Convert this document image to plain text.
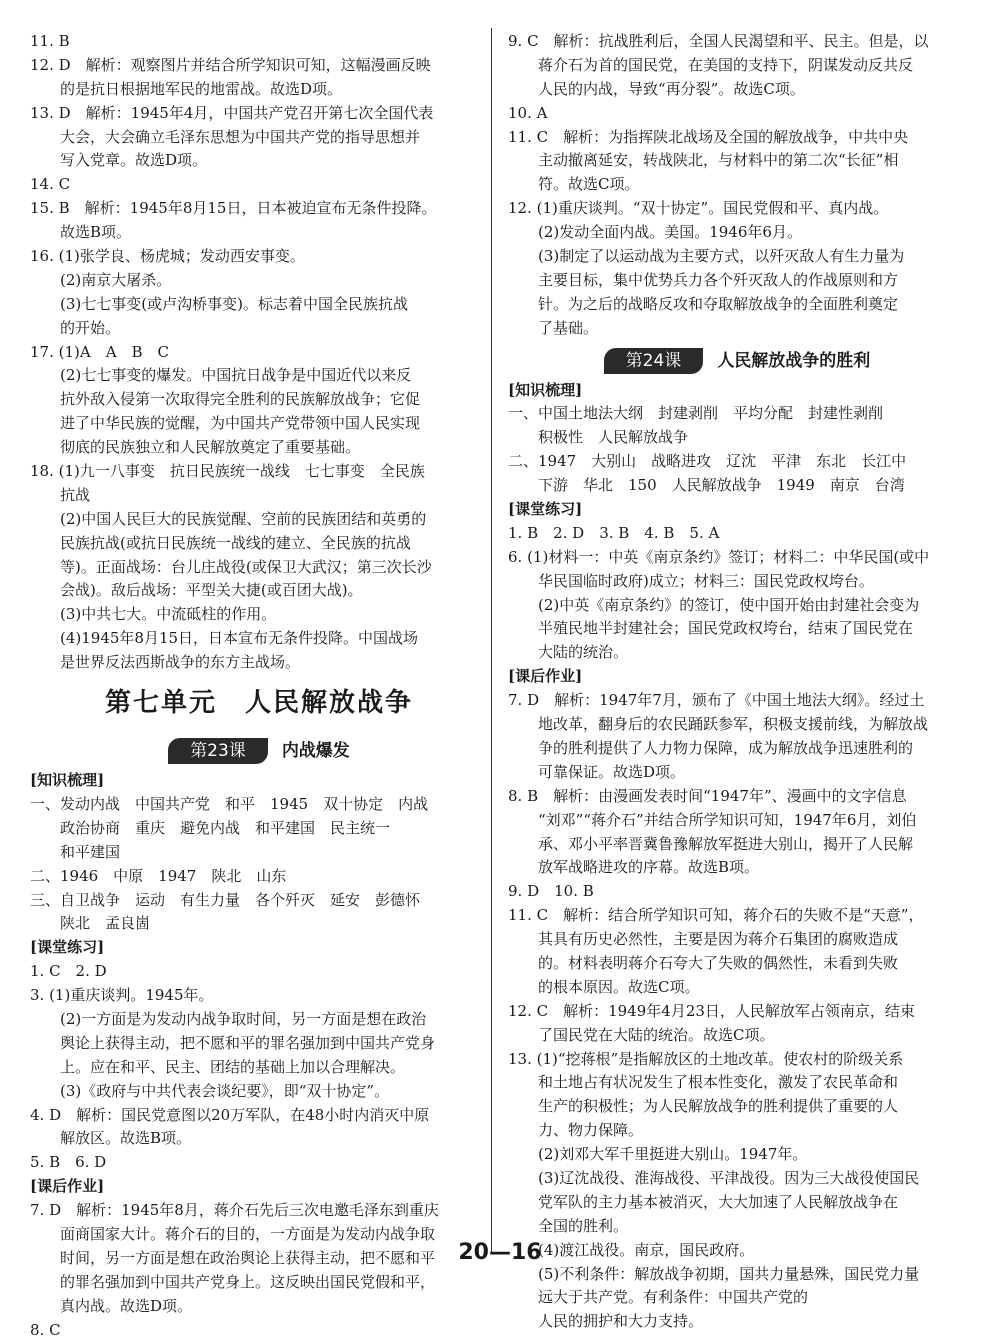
11. B
12. D　解析：观察图片并结合所学知识可知，这幅漫画反映
的是抗日根据地军民的地雷战。故选D项。
13. D　解析：1945年4月，中国共产党召开第七次全国代表
大会，大会确立毛泽东思想为中国共产党的指导思想并
写入党章。故选D项。
14. C
15. B　解析：1945年8月15日，日本被迫宣布无条件投降。
故选B项。
16. (1)张学良、杨虎城；发动西安事变。
(2)南京大屠杀。
(3)七七事变(或卢沟桥事变)。标志着中国全民族抗战
的开始。
17. (1)A　A　B　C
(2)七七事变的爆发。中国抗日战争是中国近代以来反
抗外敌入侵第一次取得完全胜利的民族解放战争；它促
进了中华民族的觉醒，为中国共产党带领中国人民实现
彻底的民族独立和人民解放奠定了重要基础。
18. (1)九一八事变　抗日民族统一战线　七七事变　全民族
抗战
(2)中国人民巨大的民族觉醒、空前的民族团结和英勇的
民族抗战(或抗日民族统一战线的建立、全民族的抗战
等)。正面战场：台儿庄战役(或保卫大武汉；第三次长沙
会战)。敌后战场：平型关大捷(或百团大战)。
(3)中共七大。中流砥柱的作用。
(4)1945年8月15日，日本宣布无条件投降。中国战场
是世界反法西斯战争的东方主战场。
第七单元　人民解放战争
第23课 内战爆发
[知识梳理]
一、发动内战　中国共产党　和平　1945　双十协定　内战
政治协商　重庆　避免内战　和平建国　民主统一
和平建国
二、1946　中原　1947　陕北　山东
三、自卫战争　运动　有生力量　各个歼灭　延安　彭德怀
陕北　孟良崮
[课堂练习]
1. C　2. D
3. (1)重庆谈判。1945年。
(2)一方面是为发动内战争取时间，另一方面是想在政治
舆论上获得主动，把不愿和平的罪名强加到中国共产党身
上。应在和平、民主、团结的基础上加以合理解决。
(3)《政府与中共代表会谈纪要》，即“双十协定”。
4. D　解析：国民党意图以20万军队，在48小时内消灭中原
解放区。故选B项。
5. B　6. D
[课后作业]
7. D　解析：1945年8月，蒋介石先后三次电邀毛泽东到重庆
面商国家大计。蒋介石的目的，一方面是为发动内战争取
时间，另一方面是想在政治舆论上获得主动，把不愿和平
的罪名强加到中国共产党身上。这反映出国民党假和平，
真内战。故选D项。
8. C
9. C　解析：抗战胜利后，全国人民渴望和平、民主。但是，以
蒋介石为首的国民党，在美国的支持下，阴谋发动反共反
人民的内战，导致“再分裂”。故选C项。
10. A
11. C　解析：为指挥陕北战场及全国的解放战争，中共中央
主动撤离延安，转战陕北，与材料中的第二次“长征”相
符。故选C项。
12. (1)重庆谈判。“双十协定”。国民党假和平、真内战。
(2)发动全面内战。美国。1946年6月。
(3)制定了以运动战为主要方式，以歼灭敌人有生力量为
主要目标，集中优势兵力各个歼灭敌人的作战原则和方
针。为之后的战略反攻和夺取解放战争的全面胜利奠定
了基础。
第24课 人民解放战争的胜利
[知识梳理]
一、中国土地法大纲　封建剥削　平均分配　封建性剥削
积极性　人民解放战争
二、1947　大别山　战略进攻　辽沈　平津　东北　长江中
下游　华北　150　人民解放战争　1949　南京　台湾
[课堂练习]
1. B　2. D　3. B　4. B　5. A
6. (1)材料一：中英《南京条约》签订；材料二：中华民国(或中
华民国临时政府)成立；材料三：国民党政权垮台。
(2)中英《南京条约》的签订，使中国开始由封建社会变为
半殖民地半封建社会；国民党政权垮台，结束了国民党在
大陆的统治。
[课后作业]
7. D　解析：1947年7月，颁布了《中国土地法大纲》。经过土
地改革，翻身后的农民踊跃参军，积极支援前线，为解放战
争的胜利提供了人力物力保障，成为解放战争迅速胜利的
可靠保证。故选D项。
8. B　解析：由漫画发表时间“1947年”、漫画中的文字信息
“刘邓”“蒋介石”并结合所学知识可知，1947年6月，刘伯
承、邓小平率晋冀鲁豫解放军挺进大别山，揭开了人民解
放军战略进攻的序幕。故选B项。
9. D　10. B
11. C　解析：结合所学知识可知，蒋介石的失败不是“天意”，
其具有历史必然性，主要是因为蒋介石集团的腐败造成
的。材料表明蒋介石夸大了失败的偶然性，未看到失败
的根本原因。故选C项。
12. C　解析：1949年4月23日，人民解放军占领南京，结束
了国民党在大陆的统治。故选C项。
13. (1)“挖蒋根”是指解放区的土地改革。使农村的阶级关系
和土地占有状况发生了根本性变化，激发了农民革命和
生产的积极性；为人民解放战争的胜利提供了重要的人
力、物力保障。
(2)刘邓大军千里挺进大别山。1947年。
(3)辽沈战役、淮海战役、平津战役。因为三大战役使国民
党军队的主力基本被消灭，大大加速了人民解放战争在
全国的胜利。
(4)渡江战役。南京，国民政府。
(5)不利条件：解放战争初期，国共力量悬殊，国民党力量
远大于共产党。有利条件：中国共产党的
人民的拥护和大力支持。
20—16
